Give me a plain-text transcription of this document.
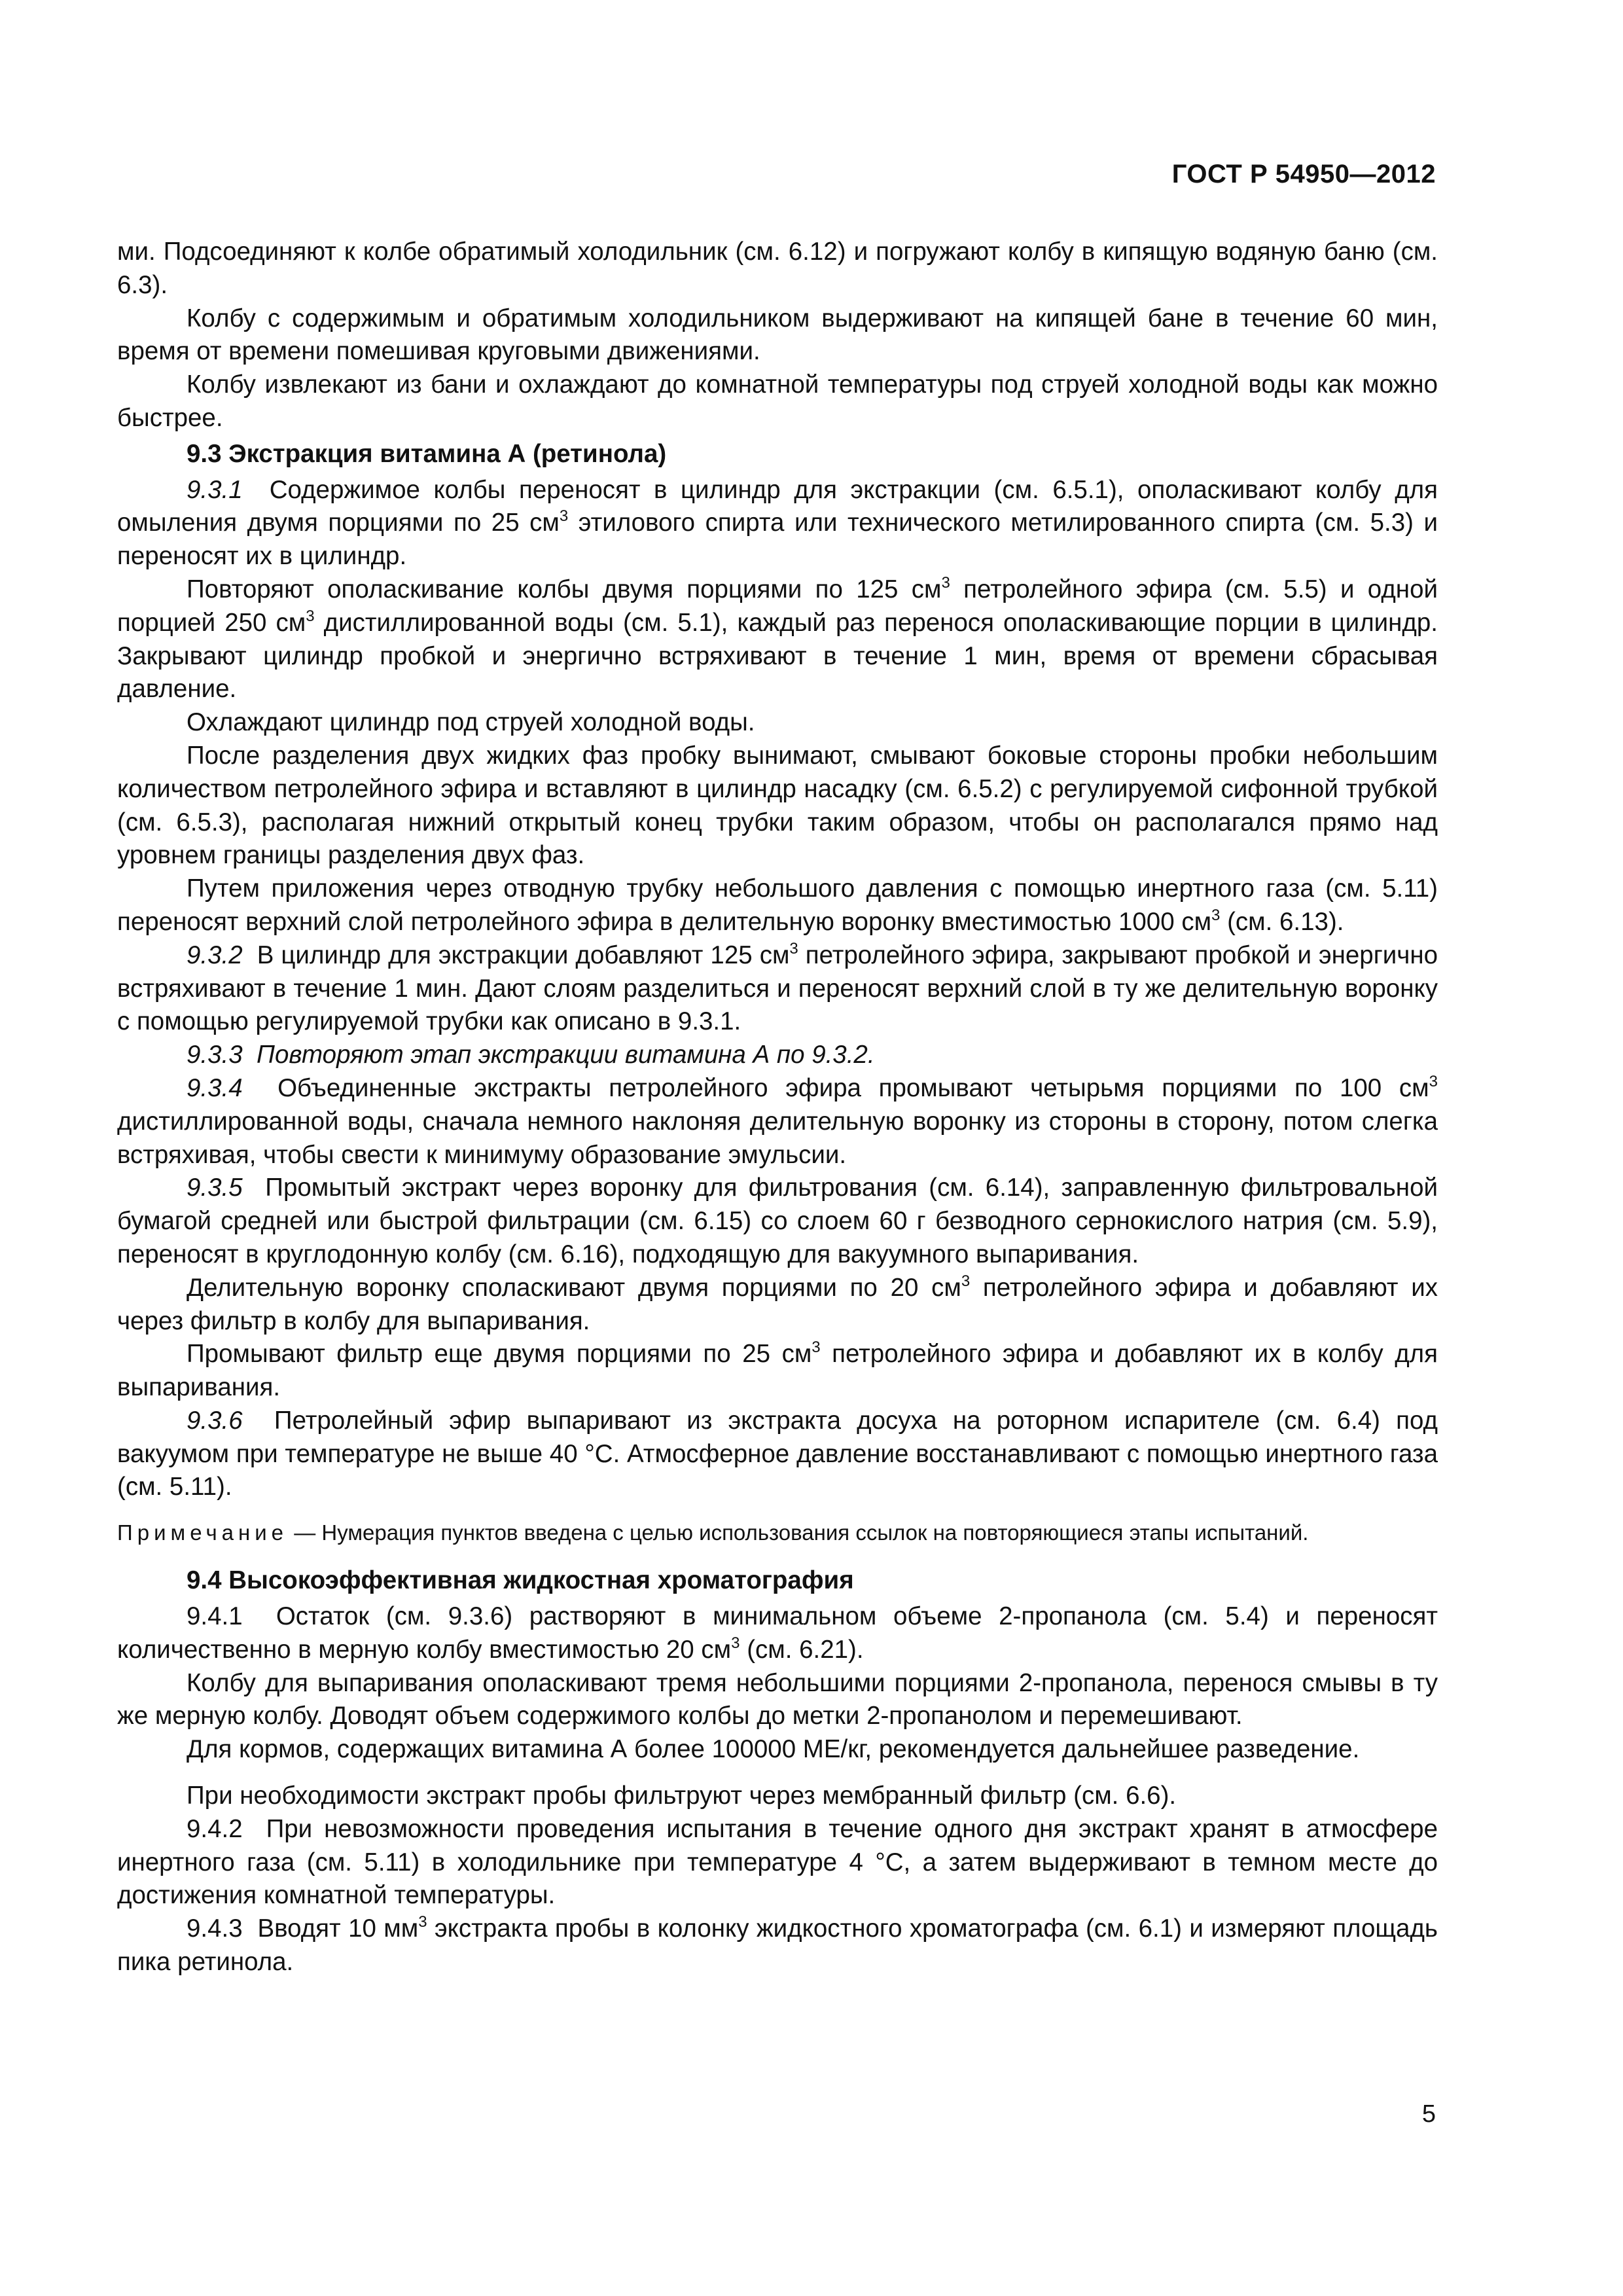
ГОСТ Р 54950—2012

ми. Подсоединяют к колбе обратимый холодильник (см. 6.12) и погружают колбу в кипящую водяную баню (см. 6.3).

Колбу с содержимым и обратимым холодильником выдерживают на кипящей бане в течение 60 мин, время от времени помешивая круговыми движениями.

Колбу извлекают из бани и охлаждают до комнатной температуры под струей холодной воды как можно быстрее.

9.3 Экстракция витамина А (ретинола)

9.3.1 Содержимое колбы переносят в цилиндр для экстракции (см. 6.5.1), ополаскивают колбу для омыления двумя порциями по 25 $см^3$ этилового спирта или технического метилированного спирта (см. 5.3) и переносят их в цилиндр.

Повторяют ополаскивание колбы двумя порциями по 125 $см^3$ петролейного эфира (см. 5.5) и одной порцией 250 $см^3$ дистиллированной воды (см. 5.1), каждый раз перенося ополаскивающие порции в цилиндр. Закрывают цилиндр пробкой и энергично встряхивают в течение 1 мин, время от времени сбрасывая давление.

Охлаждают цилиндр под струей холодной воды.

После разделения двух жидких фаз пробку вынимают, смывают боковые стороны пробки небольшим количеством петролейного эфира и вставляют в цилиндр насадку (см. 6.5.2) с регулируемой сифонной трубкой (см. 6.5.3), располагая нижний открытый конец трубки таким образом, чтобы он располагался прямо над уровнем границы разделения двух фаз.

Путем приложения через отводную трубку небольшого давления с помощью инертного газа (см. 5.11) переносят верхний слой петролейного эфира в делительную воронку вместимостью 1000 $см^3$ (см. 6.13).

9.3.2 В цилиндр для экстракции добавляют 125 $см^3$ петролейного эфира, закрывают пробкой и энергично встряхивают в течение 1 мин. Дают слоям разделиться и переносят верхний слой в ту же делительную воронку с помощью регулируемой трубки как описано в 9.3.1.

9.3.3 Повторяют этап экстракции витамина А по 9.3.2.

9.3.4 Объединенные экстракты петролейного эфира промывают четырьмя порциями по 100 $см^3$ дистиллированной воды, сначала немного наклоняя делительную воронку из стороны в сторону, потом слегка встряхивая, чтобы свести к минимуму образование эмульсии.

9.3.5 Промытый экстракт через воронку для фильтрования (см. 6.14), заправленную фильтровальной бумагой средней или быстрой фильтрации (см. 6.15) со слоем 60 г безводного сернокислого натрия (см. 5.9), переносят в круглодонную колбу (см. 6.16), подходящую для вакуумного выпаривания.

Делительную воронку споласкивают двумя порциями по 20 $см^3$ петролейного эфира и добавляют их через фильтр в колбу для выпаривания.

Промывают фильтр еще двумя порциями по 25 $см^3$ петролейного эфира и добавляют их в колбу для выпаривания.

9.3.6 Петролейный эфир выпаривают из экстракта досуха на роторном испарителе (см. 6.4) под вакуумом при температуре не выше 40 °С. Атмосферное давление восстанавливают с помощью инертного газа (см. 5.11).

Примечание — Нумерация пунктов введена с целью использования ссылок на повторяющиеся этапы испытаний.

9.4 Высокоэффективная жидкостная хроматография

9.4.1 Остаток (см. 9.3.6) растворяют в минимальном объеме 2-пропанола (см. 5.4) и переносят количественно в мерную колбу вместимостью 20 $см^3$ (см. 6.21).

Колбу для выпаривания ополаскивают тремя небольшими порциями 2-пропанола, перенося смывы в ту же мерную колбу. Доводят объем содержимого колбы до метки 2-пропанолом и перемешивают.

Для кормов, содержащих витамина А более 100000 МЕ/кг, рекомендуется дальнейшее разведение.

При необходимости экстракт пробы фильтруют через мембранный фильтр (см. 6.6).

9.4.2 При невозможности проведения испытания в течение одного дня экстракт хранят в атмосфере инертного газа (см. 5.11) в холодильнике при температуре 4 °С, а затем выдерживают в темном месте до достижения комнатной температуры.

9.4.3 Вводят 10 $мм^3$ экстракта пробы в колонку жидкостного хроматографа (см. 6.1) и измеряют площадь пика ретинола.

5
